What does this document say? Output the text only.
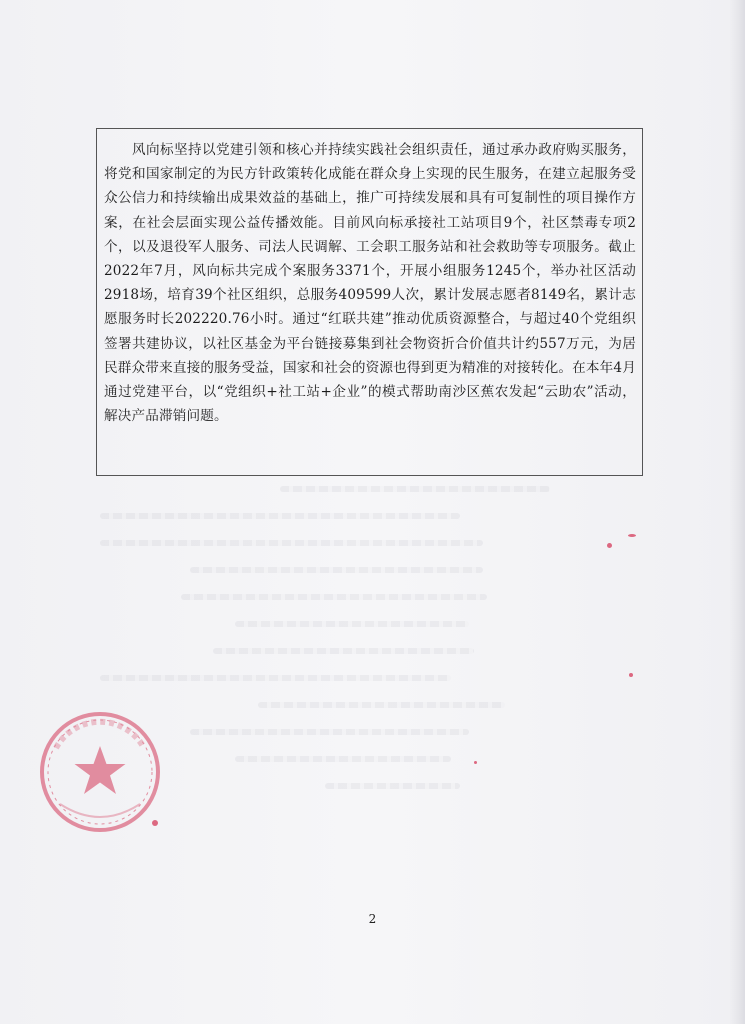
风向标坚持以党建引领和核心并持续实践社会组织责任，通过承办政府购买服务，将党和国家制定的为民方针政策转化成能在群众身上实现的民生服务，在建立起服务受众公信力和持续输出成果效益的基础上，推广可持续发展和具有可复制性的项目操作方案，在社会层面实现公益传播效能。目前风向标承接社工站项目9个，社区禁毒专项2个，以及退役军人服务、司法人民调解、工会职工服务站和社会救助等专项服务。截止2022年7月，风向标共完成个案服务3371个，开展小组服务1245个，举办社区活动2918场，培育39个社区组织，总服务409599人次，累计发展志愿者8149名，累计志愿服务时长202220.76小时。通过“红联共建”推动优质资源整合，与超过40个党组织签署共建协议，以社区基金为平台链接募集到社会物资折合价值共计约557万元，为居民群众带来直接的服务受益，国家和社会的资源也得到更为精准的对接转化。在本年4月通过党建平台，以“党组织+社工站+企业”的模式帮助南沙区蕉农发起“云助农”活动，解决产品滞销问题。

2
